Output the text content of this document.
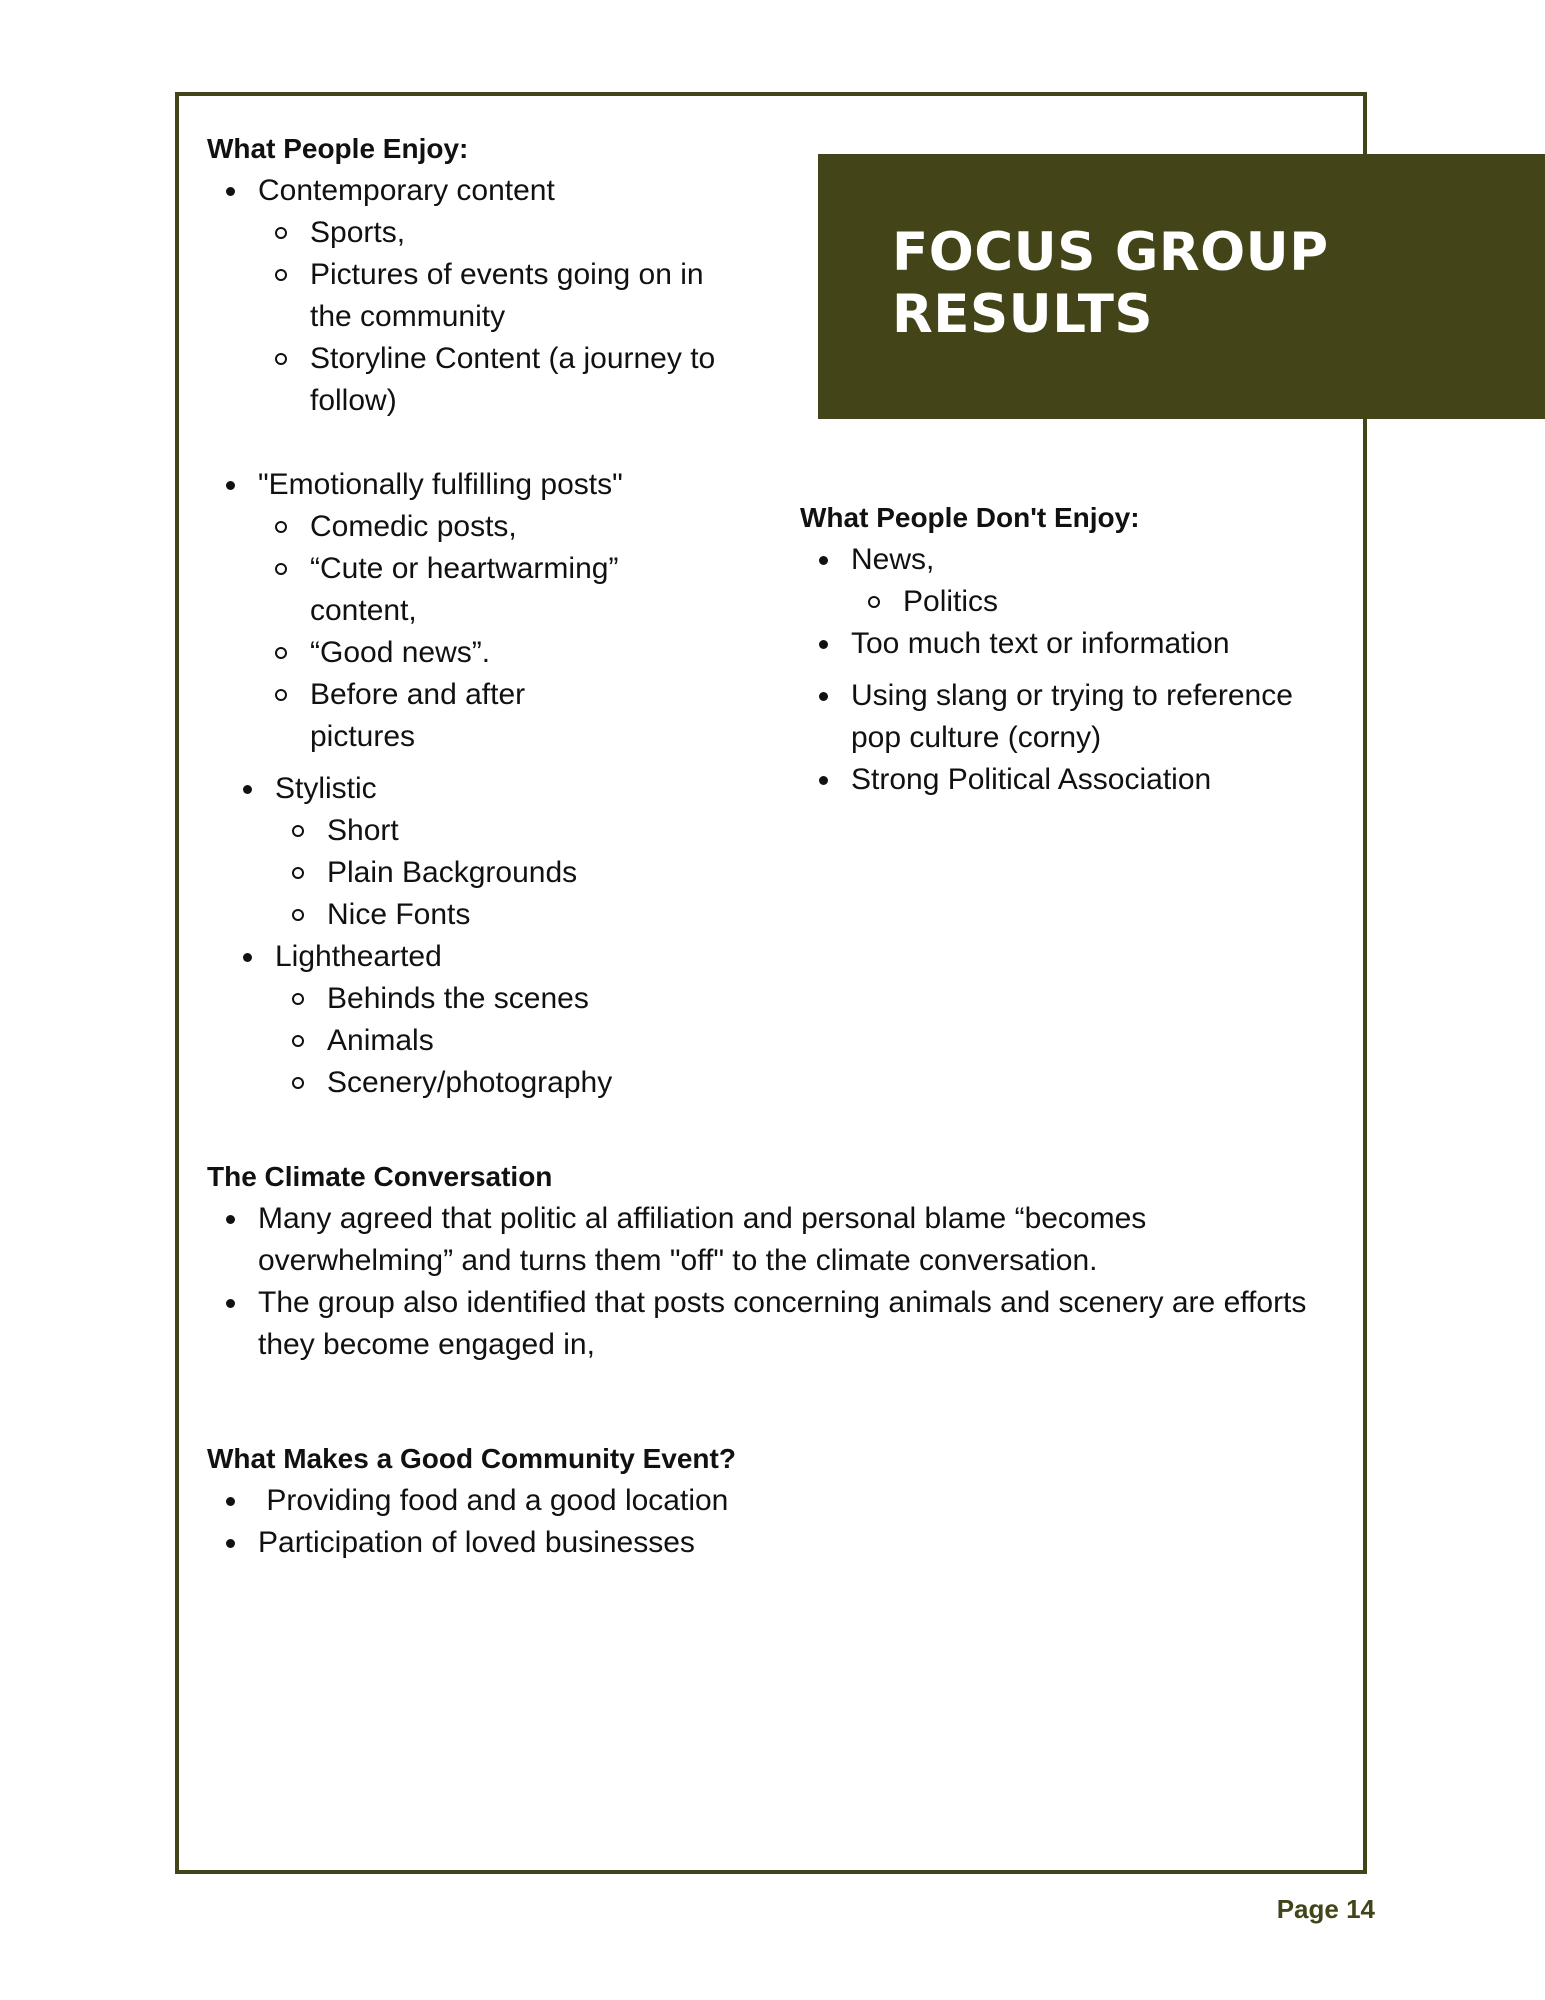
FOCUS GROUP
RESULTS

What People Enjoy:

Contemporary content
Sports,
Pictures of events going on in the community
Storyline Content (a journey to follow)
"Emotionally fulfilling posts"
Comedic posts,
“Cute or heartwarming” content,
“Good news”.
Before and after pictures
Stylistic
Short
Plain Backgrounds
Nice Fonts
Lighthearted
Behinds the scenes
Animals
Scenery/photography

What People Don't Enjoy:

News,
Politics
Too much text or information
Using slang or trying to reference pop culture (corny)
Strong Political Association

The Climate Conversation

Many agreed that politic al affiliation and personal blame “becomes overwhelming” and turns them "off" to the climate conversation.
The group also identified that posts concerning animals and scenery are efforts they become engaged in,

What Makes a Good Community Event?

Providing food and a good location
Participation of loved businesses
Page 14
